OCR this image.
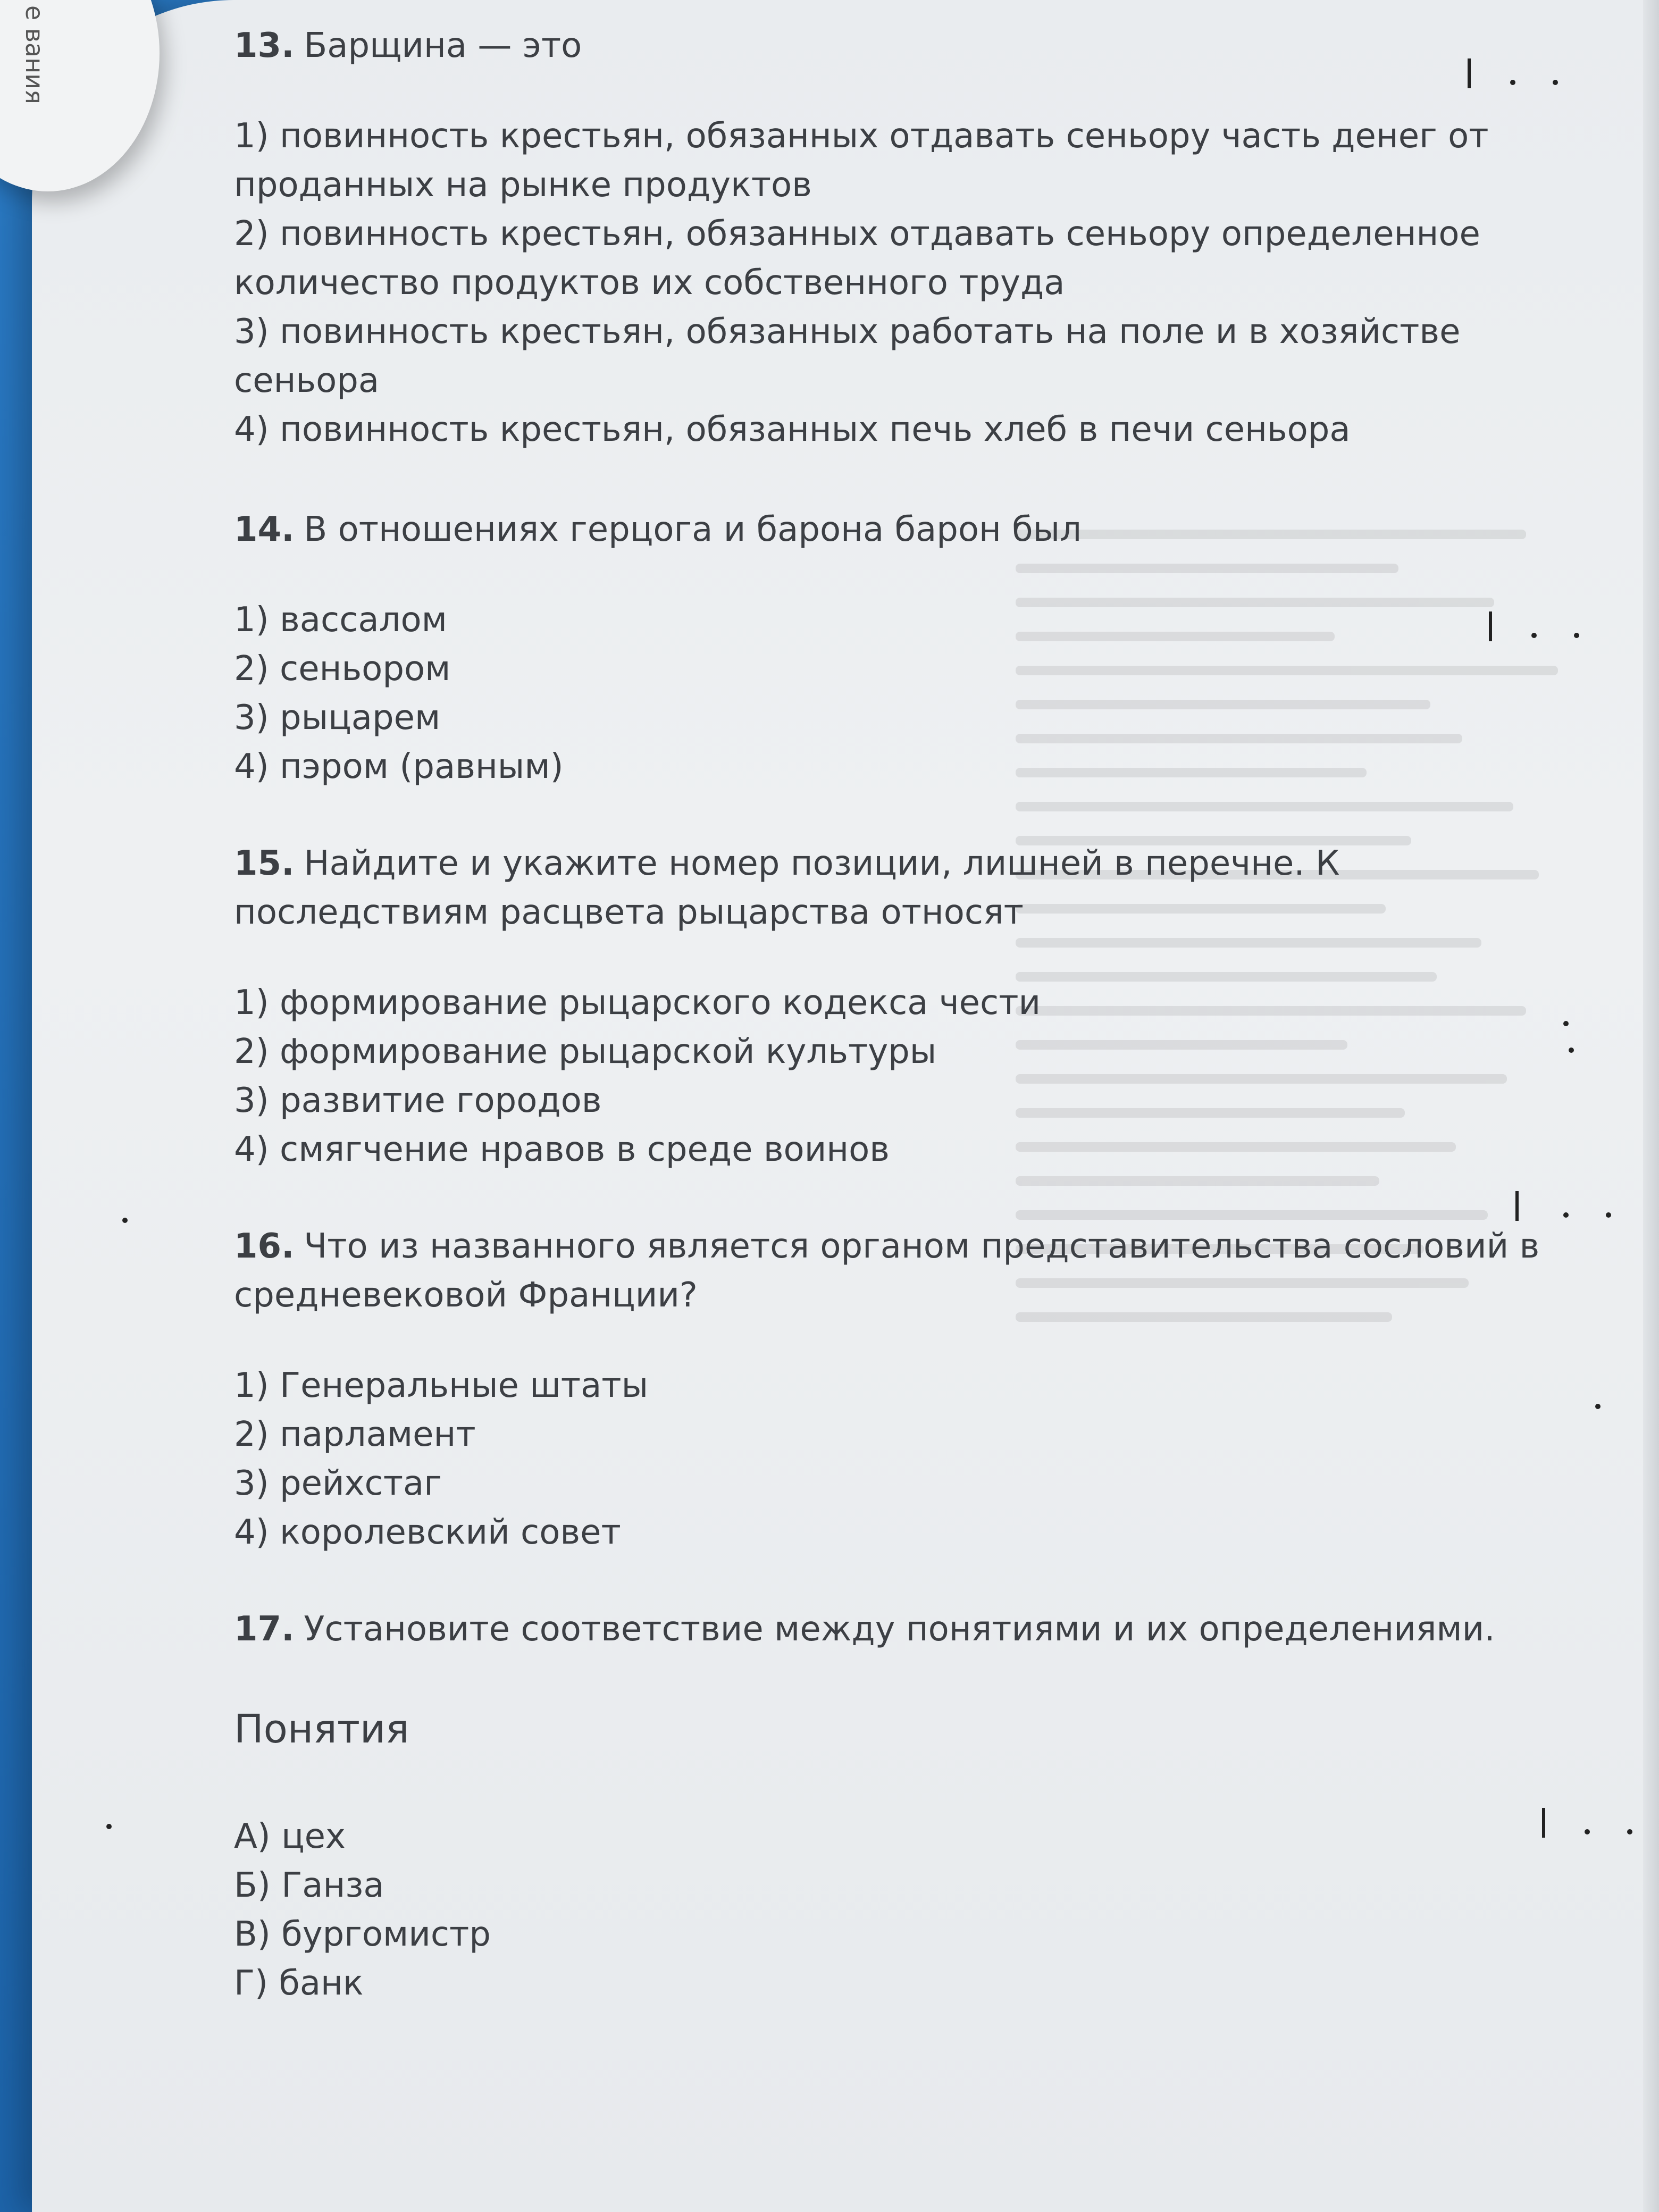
е вания	13. Барщина — это
1) повинность крестьян, обязанных отдавать сеньору часть денег от проданных на рынке продуктов
2) повинность крестьян, обязанных отдавать сеньору определенное количество продуктов их собственного труда
3) повинность крестьян, обязанных работать на поле и в хозяйстве сеньора
4) повинность крестьян, обязанных печь хлеб в печи сеньора
14. В отношениях герцога и барона барон был
1) вассалом
2) сеньором
3) рыцарем
4) пэром (равным)
15. Найдите и укажите номер позиции, лишней в перечне. К последствиям расцвета рыцарства относят
1) формирование рыцарского кодекса чести
2) формирование рыцарской культуры
3) развитие городов
4) смягчение нравов в среде воинов
16. Что из названного является органом представительства сословий в средневековой Франции?
1) Генеральные штаты
2) парламент
3) рейхстаг
4) королевский совет
17. Установите соответствие между понятиями и их определениями.
Понятия
А) цех
Б) Ганза
В) бургомистр
Г) банк
